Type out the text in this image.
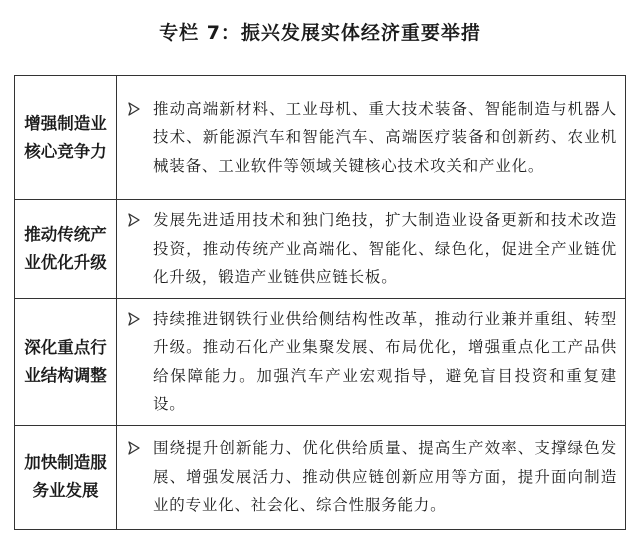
专栏 7：振兴发展实体经济重要举措
增强制造业核心竞争力	推动高端新材料、工业母机、重大技术装备、智能制造与机器人技术、新能源汽车和智能汽车、高端医疗装备和创新药、农业机械装备、工业软件等领域关键核心技术攻关和产业化。

推动传统产业优化升级	发展先进适用技术和独门绝技，扩大制造业设备更新和技术改造投资，推动传统产业高端化、智能化、绿色化，促进全产业链优化升级，锻造产业链供应链长板。

深化重点行业结构调整	持续推进钢铁行业供给侧结构性改革，推动行业兼并重组、转型升级。推动石化产业集聚发展、布局优化，增强重点化工产品供给保障能力。加强汽车产业宏观指导，避免盲目投资和重复建设。

加快制造服务业发展	围绕提升创新能力、优化供给质量、提高生产效率、支撑绿色发展、增强发展活力、推动供应链创新应用等方面，提升面向制造业的专业化、社会化、综合性服务能力。
